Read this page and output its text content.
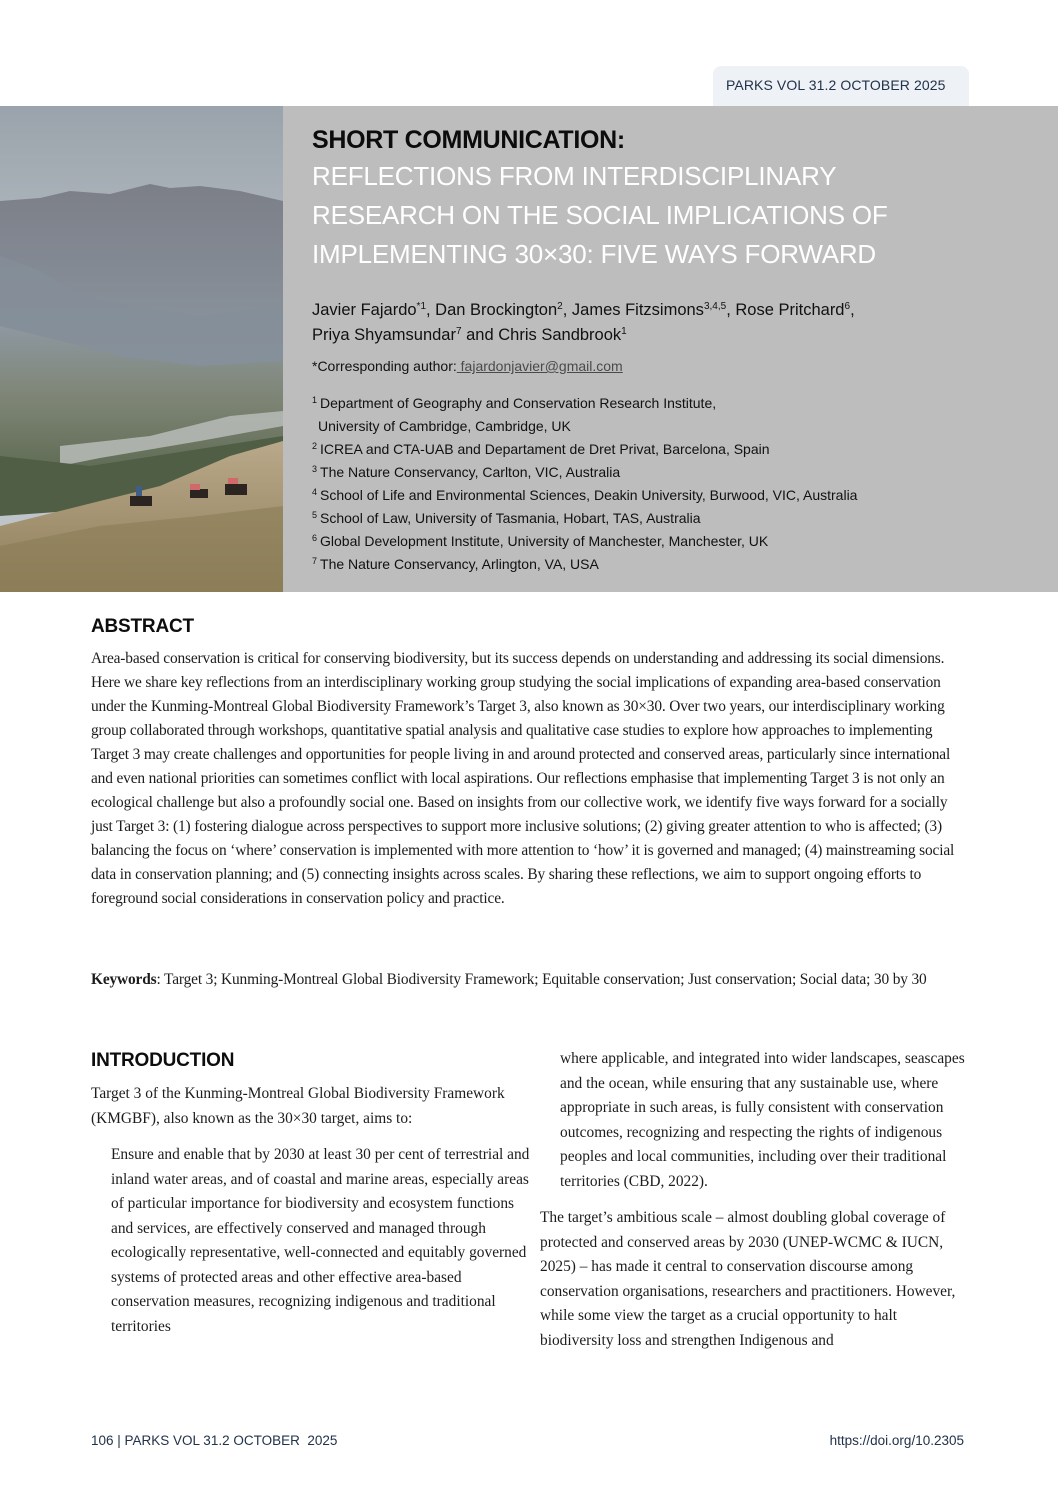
PARKS VOL 31.2 OCTOBER 2025
SHORT COMMUNICATION:
REFLECTIONS FROM INTERDISCIPLINARY
RESEARCH ON THE SOCIAL IMPLICATIONS OF
IMPLEMENTING 30×30: FIVE WAYS FORWARD
Javier Fajardo$^{*1}$, Dan Brockington$^2$, James Fitzsimons$^{3,4,5}$, Rose Pritchard$^6$,
Priya Shyamsundar$^7$ and Chris Sandbrook$^1$
*Corresponding author: fajardonjavier@gmail.com
$^1$ Department of Geography and Conservation Research Institute,
University of Cambridge, Cambridge, UK
$^2$ ICREA and CTA-UAB and Departament de Dret Privat, Barcelona, Spain
$^3$ The Nature Conservancy, Carlton, VIC, Australia
$^4$ School of Life and Environmental Sciences, Deakin University, Burwood, VIC, Australia
$^5$ School of Law, University of Tasmania, Hobart, TAS, Australia
$^6$ Global Development Institute, University of Manchester, Manchester, UK
$^7$ The Nature Conservancy, Arlington, VA, USA
ABSTRACT

Area-based conservation is critical for conserving biodiversity, but its success depends on understanding and addressing its social dimensions. Here we share key reflections from an interdisciplinary working group studying the social implications of expanding area-based conservation under the Kunming-Montreal Global Biodiversity Framework’s Target 3, also known as 30×30. Over two years, our interdisciplinary working group collaborated through workshops, quantitative spatial analysis and qualitative case studies to explore how approaches to implementing Target 3 may create challenges and opportunities for people living in and around protected and conserved areas, particularly since international and even national priorities can sometimes conflict with local aspirations. Our reflections emphasise that implementing Target 3 is not only an ecological challenge but also a profoundly social one. Based on insights from our collective work, we identify five ways forward for a socially just Target 3: (1) fostering dialogue across perspectives to support more inclusive solutions; (2) giving greater attention to who is affected; (3) balancing the focus on ‘where’ conservation is implemented with more attention to ‘how’ it is governed and managed; (4) mainstreaming social data in conservation planning; and (5) connecting insights across scales. By sharing these reflections, we aim to support ongoing efforts to foreground social considerations in conservation policy and practice.

Keywords: Target 3; Kunming-Montreal Global Biodiversity Framework; Equitable conservation; Just conservation; Social data; 30 by 30

INTRODUCTION

Target 3 of the Kunming-Montreal Global Biodiversity Framework (KMGBF), also known as the 30×30 target, aims to:

Ensure and enable that by 2030 at least 30 per cent of terrestrial and inland water areas, and of coastal and marine areas, especially areas of particular importance for biodiversity and ecosystem functions and services, are effectively conserved and managed through ecologically representative, well-connected and equitably governed systems of protected areas and other effective area-based conservation measures, recognizing indigenous and traditional territories

where applicable, and integrated into wider landscapes, seascapes and the ocean, while ensuring that any sustainable use, where appropriate in such areas, is fully consistent with conservation outcomes, recognizing and respecting the rights of indigenous peoples and local communities, including over their traditional territories (CBD, 2022).

The target’s ambitious scale – almost doubling global coverage of protected and conserved areas by 2030 (UNEP-WCMC & IUCN, 2025) – has made it central to conservation discourse among conservation organisations, researchers and practitioners. However, while some view the target as a crucial opportunity to halt biodiversity loss and strengthen Indigenous and

106 | PARKS VOL 31.2 OCTOBER  2025	https://doi.org/10.2305
